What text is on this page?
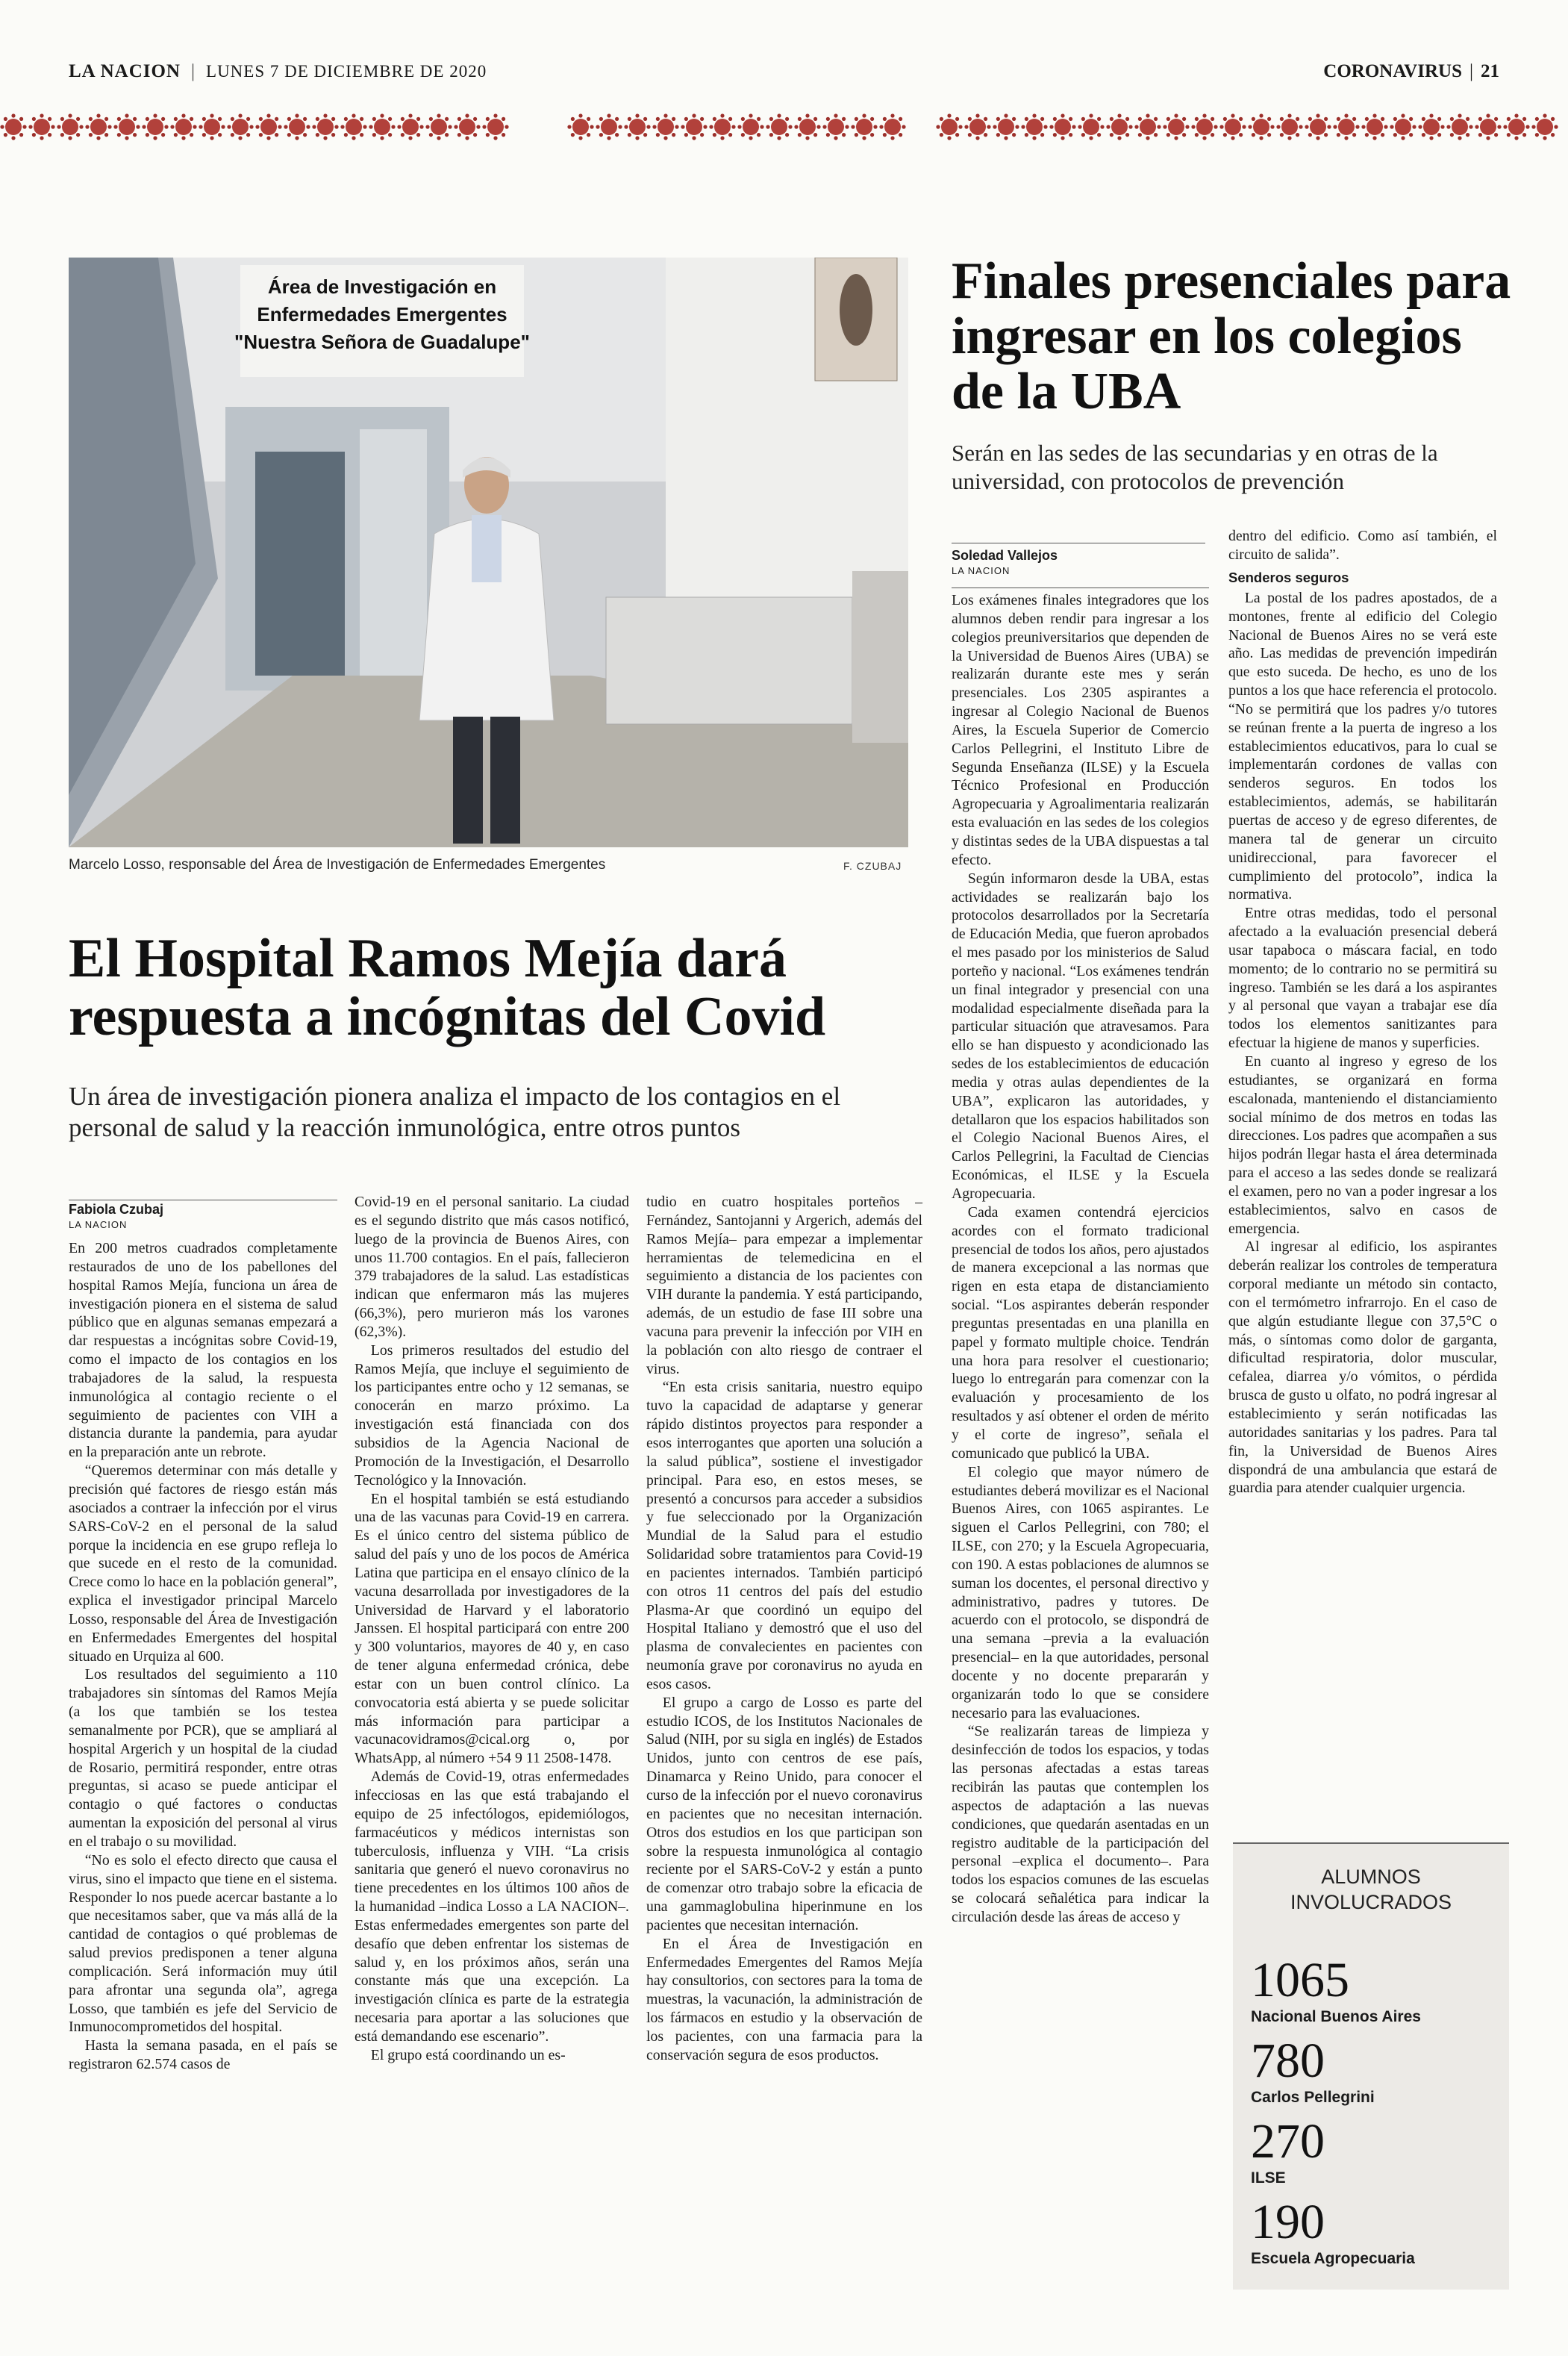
LA NACION | LUNES 7 DE DICIEMBRE DE 2020	CORONAVIRUS | 21
Área de Investigación en
Enfermedades Emergentes
"Nuestra Señora de Guadalupe"
Marcelo Losso, responsable del Área de Investigación de Enfermedades Emergentes	F. CZUBAJ
Finales presenciales para ingresar en los colegios de la UBA

Serán en las sedes de las secundarias y en otras de la universidad, con protocolos de prevención

Soledad Vallejos

LA NACION

Los exámenes finales integradores que los alumnos deben rendir para ingresar a los colegios preuniversitarios que dependen de la Universidad de Buenos Aires (UBA) se realizarán durante este mes y serán presenciales. Los 2305 aspirantes a ingresar al Colegio Nacional de Buenos Aires, la Escuela Superior de Comercio Carlos Pellegrini, el Instituto Libre de Segunda Enseñanza (ILSE) y la Escuela Técnico Profesional en Producción Agropecuaria y Agroalimentaria realizarán esta evaluación en las sedes de los colegios y distintas sedes de la UBA dispuestas a tal efecto.

Según informaron desde la UBA, estas actividades se realizarán bajo los protocolos desarrollados por la Secretaría de Educación Media, que fueron aprobados el mes pasado por los ministerios de Salud porteño y nacional. “Los exámenes tendrán un final integrador y presencial con una modalidad especialmente diseñada para la particular situación que atravesamos. Para ello se han dispuesto y acondicionado las sedes de los establecimientos de educación media y otras aulas dependientes de la UBA”, explicaron las autoridades, y detallaron que los espacios habilitados son el Colegio Nacional Buenos Aires, el Carlos Pellegrini, la Facultad de Ciencias Económicas, el ILSE y la Escuela Agropecuaria.

Cada examen contendrá ejercicios acordes con el formato tradicional presencial de todos los años, pero ajustados de manera excepcional a las normas que rigen en esta etapa de distanciamiento social. “Los aspirantes deberán responder preguntas presentadas en una planilla en papel y formato multiple choice. Tendrán una hora para resolver el cuestionario; luego lo entregarán para comenzar con la evaluación y procesamiento de los resultados y así obtener el orden de mérito y el corte de ingreso”, señala el comunicado que publicó la UBA.

El colegio que mayor número de estudiantes deberá movilizar es el Nacional Buenos Aires, con 1065 aspirantes. Le siguen el Carlos Pellegrini, con 780; el ILSE, con 270; y la Escuela Agropecuaria, con 190. A estas poblaciones de alumnos se suman los docentes, el personal directivo y administrativo, padres y tutores. De acuerdo con el protocolo, se dispondrá de una semana –previa a la evaluación presencial– en la que autoridades, personal docente y no docente prepararán y organizarán todo lo que se considere necesario para las evaluaciones.

“Se realizarán tareas de limpieza y desinfección de todos los espacios, y todas las personas afectadas a estas tareas recibirán las pautas que contemplen los aspectos de adaptación a las nuevas condiciones, que quedarán asentadas en un registro auditable de la participación del personal –explica el documento–. Para todos los espacios comunes de las escuelas se colocará señalética para indicar la circulación desde las áreas de acceso y

dentro del edificio. Como así también, el circuito de salida”.

Senderos seguros

La postal de los padres apostados, de a montones, frente al edificio del Colegio Nacional de Buenos Aires no se verá este año. Las medidas de prevención impedirán que esto suceda. De hecho, es uno de los puntos a los que hace referencia el protocolo. “No se permitirá que los padres y/o tutores se reúnan frente a la puerta de ingreso a los establecimientos educativos, para lo cual se implementarán cordones de vallas con senderos seguros. En todos los establecimientos, además, se habilitarán puertas de acceso y de egreso diferentes, de manera tal de generar un circuito unidireccional, para favorecer el cumplimiento del protocolo”, indica la normativa.

Entre otras medidas, todo el personal afectado a la evaluación presencial deberá usar tapaboca o máscara facial, en todo momento; de lo contrario no se permitirá su ingreso. También se les dará a los aspirantes y al personal que vayan a trabajar ese día todos los elementos sanitizantes para efectuar la higiene de manos y superficies.

En cuanto al ingreso y egreso de los estudiantes, se organizará en forma escalonada, manteniendo el distanciamiento social mínimo de dos metros en todas las direcciones. Los padres que acompañen a sus hijos podrán llegar hasta el área determinada para el acceso a las sedes donde se realizará el examen, pero no van a poder ingresar a los establecimientos, salvo en casos de emergencia.

Al ingresar al edificio, los aspirantes deberán realizar los controles de temperatura corporal mediante un método sin contacto, con el termómetro infrarrojo. En el caso de que algún estudiante llegue con 37,5°C o más, o síntomas como dolor de garganta, dificultad respiratoria, dolor muscular, cefalea, diarrea y/o vómitos, o pérdida brusca de gusto u olfato, no podrá ingresar al establecimiento y serán notificadas las autoridades sanitarias y los padres. Para tal fin, la Universidad de Buenos Aires dispondrá de una ambulancia que estará de guardia para atender cualquier urgencia.

ALUMNOS
INVOLUCRADOS
1065
Nacional Buenos Aires
780
Carlos Pellegrini
270
ILSE
190
Escuela Agropecuaria
El Hospital Ramos Mejía dará respuesta a incógnitas del Covid

Un área de investigación pionera analiza el impacto de los contagios en el personal de salud y la reacción inmunológica, entre otros puntos

Fabiola Czubaj

LA NACION

En 200 metros cuadrados completamente restaurados de uno de los pabellones del hospital Ramos Mejía, funciona un área de investigación pionera en el sistema de salud público que en algunas semanas empezará a dar respuestas a incógnitas sobre Covid-19, como el impacto de los contagios en los trabajadores de la salud, la respuesta inmunológica al contagio reciente o el seguimiento de pacientes con VIH a distancia durante la pandemia, para ayudar en la preparación ante un rebrote.

“Queremos determinar con más detalle y precisión qué factores de riesgo están más asociados a contraer la infección por el virus SARS-CoV-2 en el personal de la salud porque la incidencia en ese grupo refleja lo que sucede en el resto de la comunidad. Crece como lo hace en la población general”, explica el investigador principal Marcelo Losso, responsable del Área de Investigación en Enfermedades Emergentes del hospital situado en Urquiza al 600.

Los resultados del seguimiento a 110 trabajadores sin síntomas del Ramos Mejía (a los que también se los testea semanalmente por PCR), que se ampliará al hospital Argerich y un hospital de la ciudad de Rosario, permitirá responder, entre otras preguntas, si acaso se puede anticipar el contagio o qué factores o conductas aumentan la exposición del personal al virus en el trabajo o su movilidad.

“No es solo el efecto directo que causa el virus, sino el impacto que tiene en el sistema. Responder lo nos puede acercar bastante a lo que necesitamos saber, que va más allá de la cantidad de contagios o qué problemas de salud previos predisponen a tener alguna complicación. Será información muy útil para afrontar una segunda ola”, agrega Losso, que también es jefe del Servicio de Inmunocomprometidos del hospital.

Hasta la semana pasada, en el país se registraron 62.574 casos de

Covid-19 en el personal sanitario. La ciudad es el segundo distrito que más casos notificó, luego de la provincia de Buenos Aires, con unos 11.700 contagios. En el país, fallecieron 379 trabajadores de la salud. Las estadísticas indican que enfermaron más las mujeres (66,3%), pero murieron más los varones (62,3%).

Los primeros resultados del estudio del Ramos Mejía, que incluye el seguimiento de los participantes entre ocho y 12 semanas, se conocerán en marzo próximo. La investigación está financiada con dos subsidios de la Agencia Nacional de Promoción de la Investigación, el Desarrollo Tecnológico y la Innovación.

En el hospital también se está estudiando una de las vacunas para Covid-19 en carrera. Es el único centro del sistema público de salud del país y uno de los pocos de América Latina que participa en el ensayo clínico de la vacuna desarrollada por investigadores de la Universidad de Harvard y el laboratorio Janssen. El hospital participará con entre 200 y 300 voluntarios, mayores de 40 y, en caso de tener alguna enfermedad crónica, debe estar con un buen control clínico. La convocatoria está abierta y se puede solicitar más información para participar a vacunacovidramos@cical.org o, por WhatsApp, al número +54 9 11 2508-1478.

Además de Covid-19, otras enfermedades infecciosas en las que está trabajando el equipo de 25 infectólogos, epidemiólogos, farmacéuticos y médicos internistas son tuberculosis, influenza y VIH. “La crisis sanitaria que generó el nuevo coronavirus no tiene precedentes en los últimos 100 años de la humanidad –indica Losso a LA NACION–. Estas enfermedades emergentes son parte del desafío que deben enfrentar los sistemas de salud y, en los próximos años, serán una constante más que una excepción. La investigación clínica es parte de la estrategia necesaria para aportar a las soluciones que está demandando ese escenario”.

El grupo está coordinando un es-

tudio en cuatro hospitales porteños –Fernández, Santojanni y Argerich, además del Ramos Mejía– para empezar a implementar herramientas de telemedicina en el seguimiento a distancia de los pacientes con VIH durante la pandemia. Y está participando, además, de un estudio de fase III sobre una vacuna para prevenir la infección por VIH en la población con alto riesgo de contraer el virus.

“En esta crisis sanitaria, nuestro equipo tuvo la capacidad de adaptarse y generar rápido distintos proyectos para responder a esos interrogantes que aporten una solución a la salud pública”, sostiene el investigador principal. Para eso, en estos meses, se presentó a concursos para acceder a subsidios y fue seleccionado por la Organización Mundial de la Salud para el estudio Solidaridad sobre tratamientos para Covid-19 en pacientes internados. También participó con otros 11 centros del país del estudio Plasma-Ar que coordinó un equipo del Hospital Italiano y demostró que el uso del plasma de convalecientes en pacientes con neumonía grave por coronavirus no ayuda en esos casos.

El grupo a cargo de Losso es parte del estudio ICOS, de los Institutos Nacionales de Salud (NIH, por su sigla en inglés) de Estados Unidos, junto con centros de ese país, Dinamarca y Reino Unido, para conocer el curso de la infección por el nuevo coronavirus en pacientes que no necesitan internación. Otros dos estudios en los que participan son sobre la respuesta inmunológica al contagio reciente por el SARS-CoV-2 y están a punto de comenzar otro trabajo sobre la eficacia de una gammaglobulina hiperinmune en los pacientes que necesitan internación.

En el Área de Investigación en Enfermedades Emergentes del Ramos Mejía hay consultorios, con sectores para la toma de muestras, la vacunación, la administración de los fármacos en estudio y la observación de los pacientes, con una farmacia para la conservación segura de esos productos.
